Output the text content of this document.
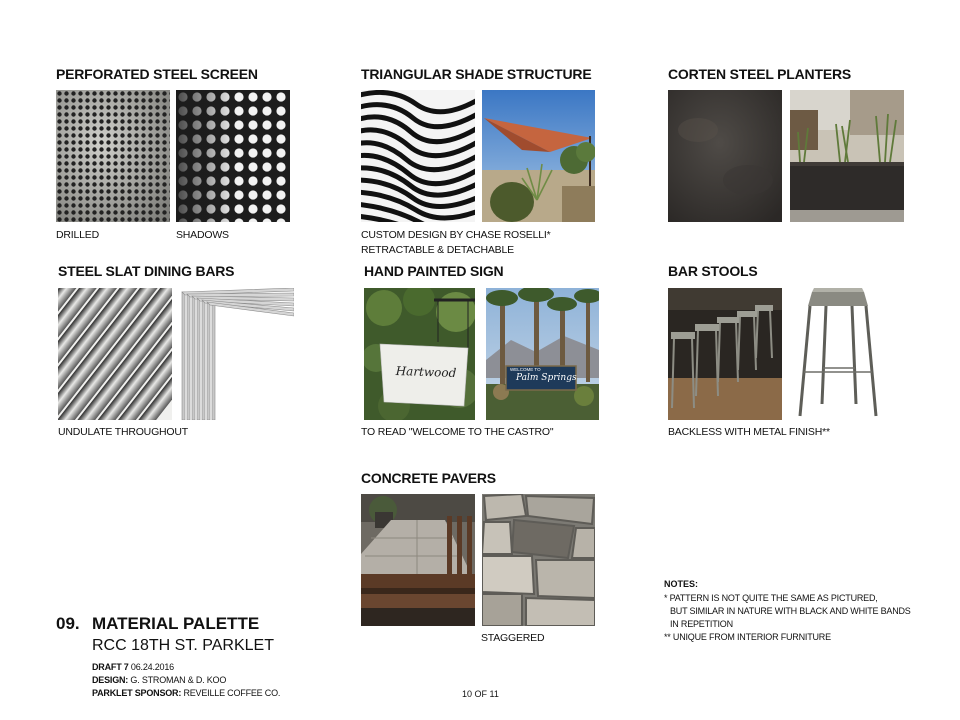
PERFORATED STEEL SCREEN
DRILLED	SHADOWS
TRIANGULAR SHADE STRUCTURE
CUSTOM DESIGN BY CHASE ROSELLI*
RETRACTABLE & DETACHABLE
CORTEN STEEL PLANTERS
STEEL SLAT DINING BARS
UNDULATE THROUGHOUT
HAND PAINTED SIGN
Hartwood	WELCOME TO
Palm Springs
TO READ "WELCOME TO THE CASTRO"
BAR STOOLS
BACKLESS WITH METAL FINISH**
CONCRETE PAVERS
STAGGERED
09. MATERIAL PALETTE
RCC 18TH ST. PARKLET
DRAFT 7 06.24.2016
DESIGN: G. STROMAN & D. KOO
PARKLET SPONSOR: REVEILLE COFFEE CO.	10 OF 11
NOTES:
* PATTERN IS NOT QUITE THE SAME AS PICTURED,
BUT SIMILAR IN NATURE WITH BLACK AND WHITE BANDS
IN REPETITION
** UNIQUE FROM INTERIOR FURNITURE
